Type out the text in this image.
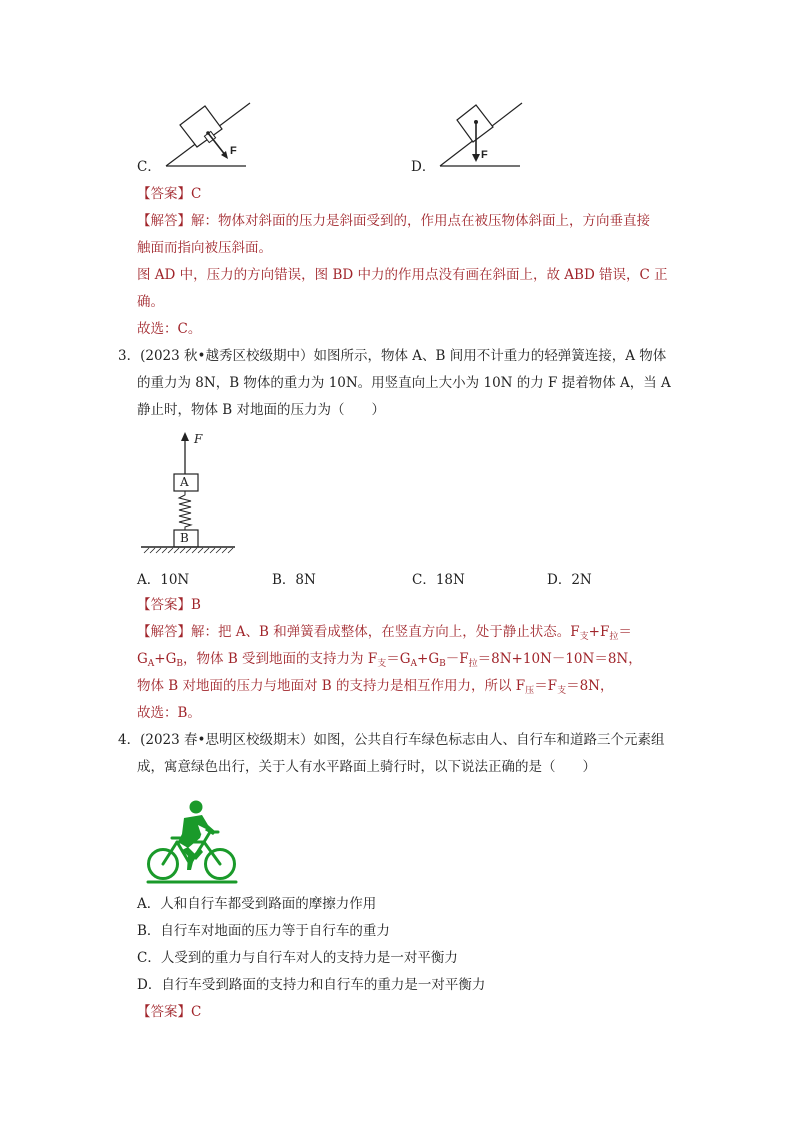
F
C．
F
D．
【答案】C
【解答】解：物体对斜面的压力是斜面受到的，作用点在被压物体斜面上，方向垂直接
触面而指向被压斜面。
图 AD 中，压力的方向错误，图 BD 中力的作用点没有画在斜面上，故 ABD 错误，C 正
确。
故选：C。
3．(2023 秋•越秀区校级期中）如图所示，物体 A、B 间用不计重力的轻弹簧连接，A 物体
的重力为 8N，B 物体的重力为 10N。用竖直向上大小为 10N 的力 F 提着物体 A，当 A
静止时，物体 B 对地面的压力为（　　）
F
A
B
A．10N	B．8N	C．18N	D．2N
【答案】B
【解答】解：把 A、B 和弹簧看成整体，在竖直方向上，处于静止状态。$F_支+F_拉=$
$G_A+G_B$，物体 B 受到地面的支持力为 $F_支=G_A+G_B-F_拉=8N+10N-10N=8N$，
物体 B 对地面的压力与地面对 B 的支持力是相互作用力，所以 $F_压=F_支=8N$，
故选：B。
4．(2023 春•思明区校级期末）如图，公共自行车绿色标志由人、自行车和道路三个元素组
成，寓意绿色出行，关于人有水平路面上骑行时，以下说法正确的是（　　）
A．人和自行车都受到路面的摩擦力作用
B．自行车对地面的压力等于自行车的重力
C．人受到的重力与自行车对人的支持力是一对平衡力
D．自行车受到路面的支持力和自行车的重力是一对平衡力
【答案】C
